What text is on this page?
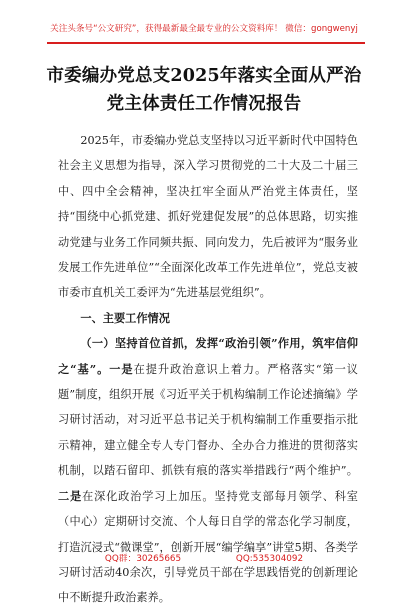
关注头条号“公文研究”，获得最新最全最专业的公文资料库！ 微信：gongwenyj
市委编办党总支2025年落实全面从严治
党主体责任工作情况报告

2025年，市委编办党总支坚持以习近平新时代中国特色社会主义思想为指导，深入学习贯彻党的二十大及二十届三中、四中全会精神，坚决扛牢全面从严治党主体责任，坚持“围绕中心抓党建、抓好党建促发展”的总体思路，切实推动党建与业务工作同频共振、同向发力，先后被评为“服务业发展工作先进单位”“全面深化改革工作先进单位”，党总支被市委市直机关工委评为“先进基层党组织”。

一、主要工作情况

（一）坚持首位首抓，发挥“政治引领”作用，筑牢信仰之“基”。一是在提升政治意识上着力。严格落实“第一议题”制度，组织开展《习近平关于机构编制工作论述摘编》学习研讨活动，对习近平总书记关于机构编制工作重要指示批示精神，建立健全专人专门督办、全办合力推进的贯彻落实机制，以踏石留印、抓铁有痕的落实举措践行“两个维护”。二是在深化政治学习上加压。坚持党支部每月领学、科室（中心）定期研讨交流、个人每日自学的常态化学习制度，打造沉浸式“微课堂”，创新开展“编学编享”讲堂5期、各类学习研讨活动40余次，引导党员干部在学思践悟党的创新理论中不断提升政治素养。

QQ群：30265665	QQ:535304092
